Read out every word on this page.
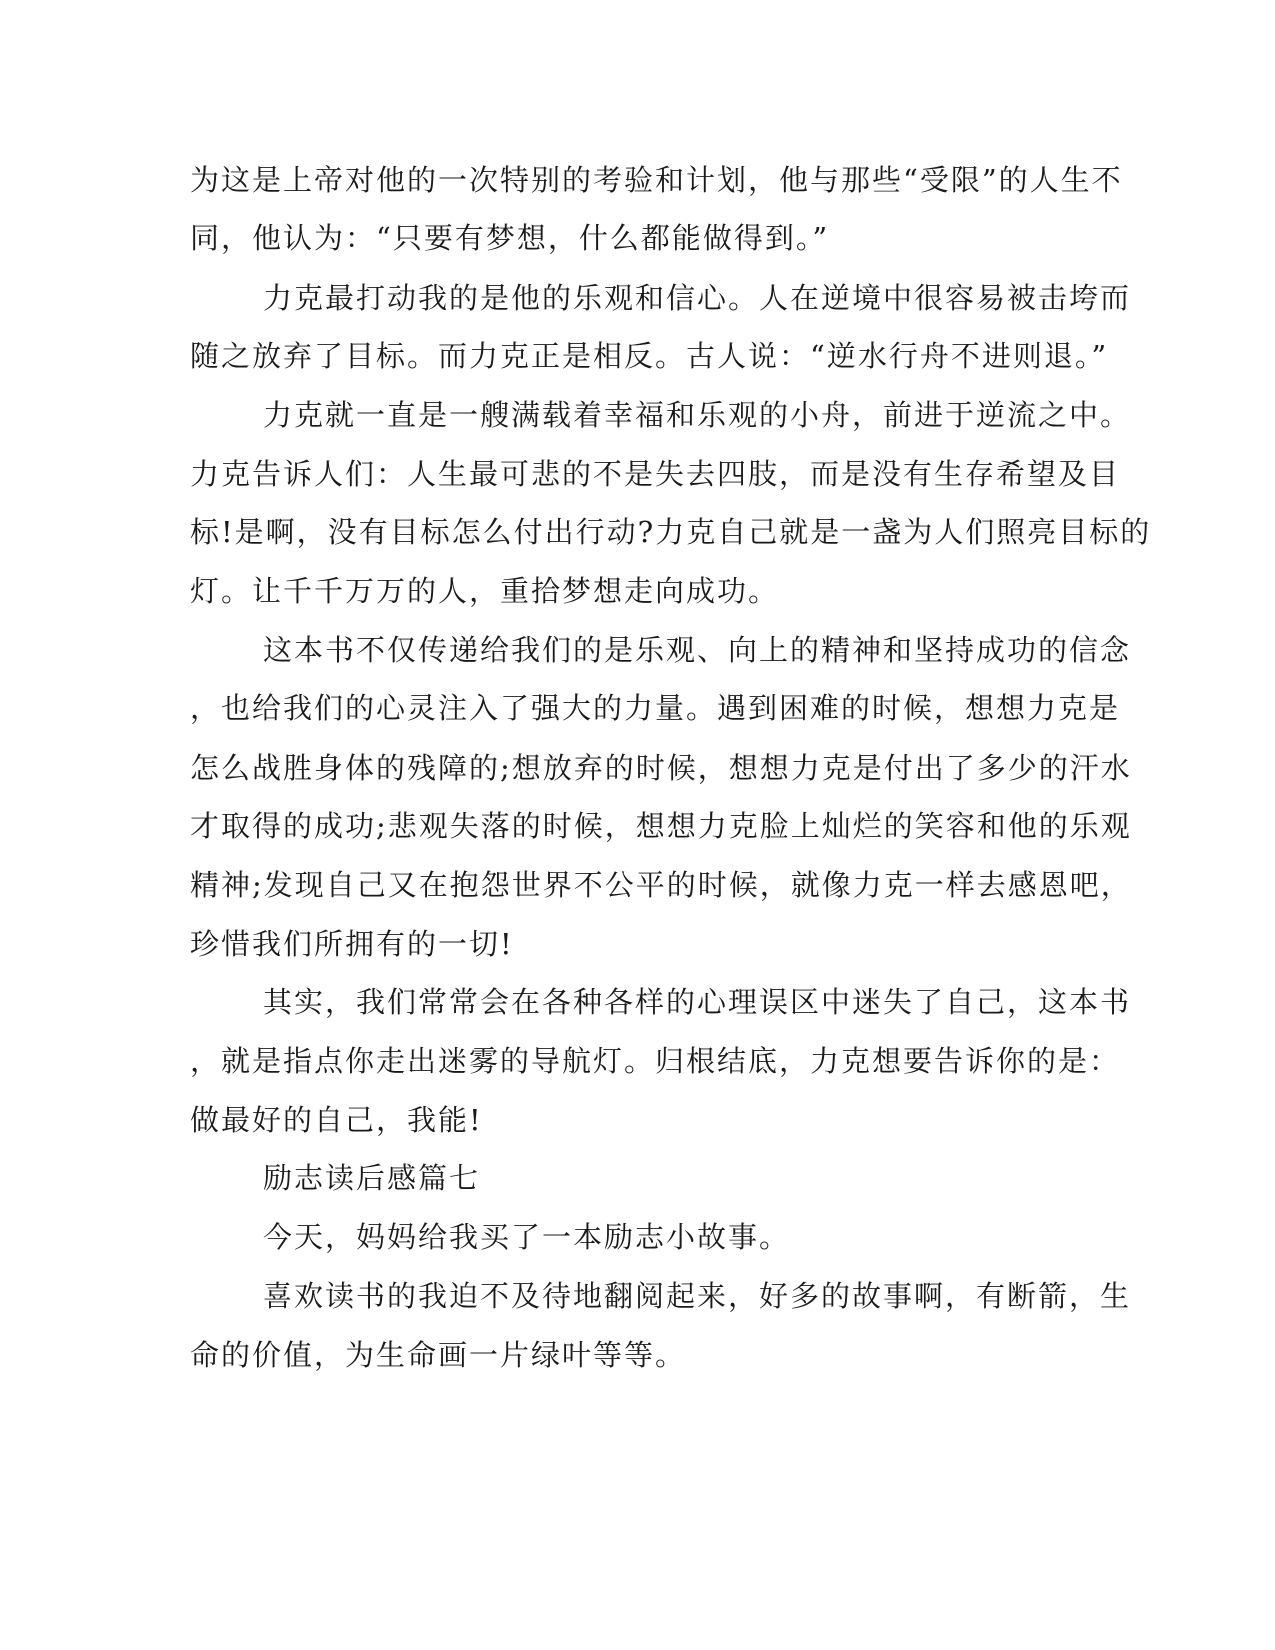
为这是上帝对他的一次特别的考验和计划，他与那些“受限”的人生不
同，他认为：“只要有梦想，什么都能做得到。”
力克最打动我的是他的乐观和信心。人在逆境中很容易被击垮而
随之放弃了目标。而力克正是相反。古人说：“逆水行舟不进则退。”
力克就一直是一艘满载着幸福和乐观的小舟，前进于逆流之中。
力克告诉人们：人生最可悲的不是失去四肢，而是没有生存希望及目
标!是啊，没有目标怎么付出行动?力克自己就是一盏为人们照亮目标的
灯。让千千万万的人，重拾梦想走向成功。
这本书不仅传递给我们的是乐观、向上的精神和坚持成功的信念
，也给我们的心灵注入了强大的力量。遇到困难的时候，想想力克是
怎么战胜身体的残障的;想放弃的时候，想想力克是付出了多少的汗水
才取得的成功;悲观失落的时候，想想力克脸上灿烂的笑容和他的乐观
精神;发现自己又在抱怨世界不公平的时候，就像力克一样去感恩吧，
珍惜我们所拥有的一切!
其实，我们常常会在各种各样的心理误区中迷失了自己，这本书
，就是指点你走出迷雾的导航灯。归根结底，力克想要告诉你的是：
做最好的自己，我能!
励志读后感篇七
今天，妈妈给我买了一本励志小故事。
喜欢读书的我迫不及待地翻阅起来，好多的故事啊，有断箭，生
命的价值，为生命画一片绿叶等等。
